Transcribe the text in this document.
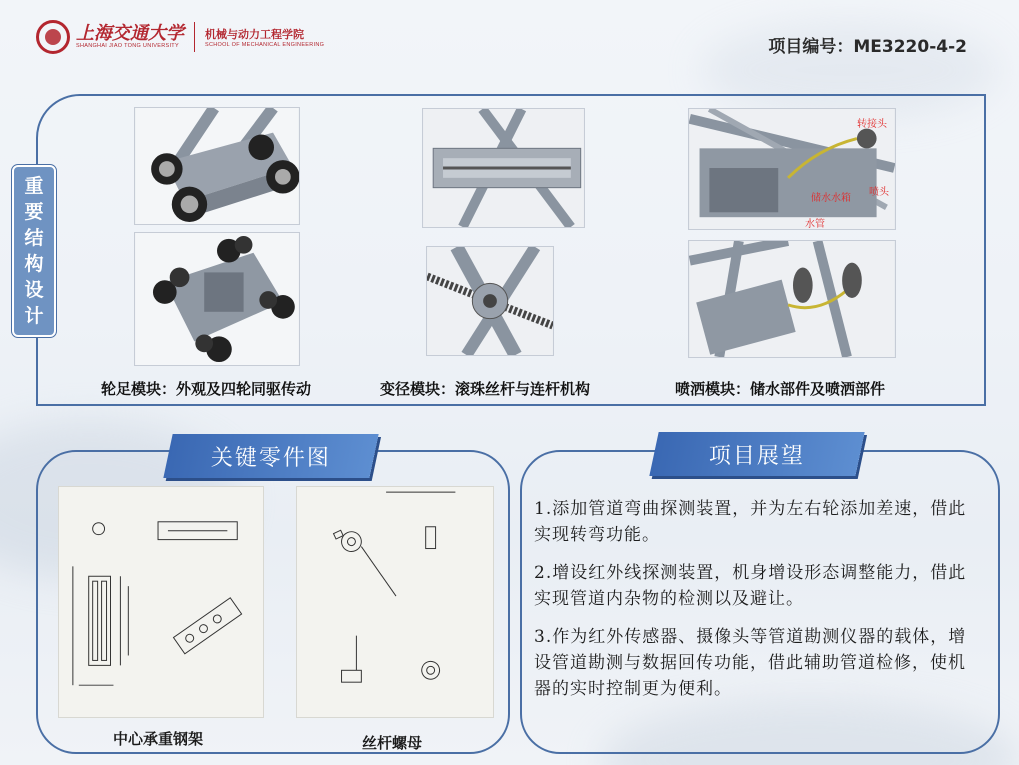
上海交通大学
SHANGHAI JIAO TONG UNIVERSITY
机械与动力工程学院
SCHOOL OF MECHANICAL ENGINEERING	项目编号：ME3220-4-2
重
要
结
构
设
计
转接头
喷头
储水水箱
水管
轮足模块：外观及四轮同驱传动	变径模块：滚珠丝杆与连杆机构	喷洒模块：储水部件及喷洒部件
关键零件图
中心承重钢架	丝杆螺母
项目展望

1.添加管道弯曲探测装置，并为左右轮添加差速，借此实现转弯功能。

2.增设红外线探测装置，机身增设形态调整能力，借此实现管道内杂物的检测以及避让。

3.作为红外传感器、摄像头等管道勘测仪器的载体，增设管道勘测与数据回传功能，借此辅助管道检修，使机器的实时控制更为便利。
